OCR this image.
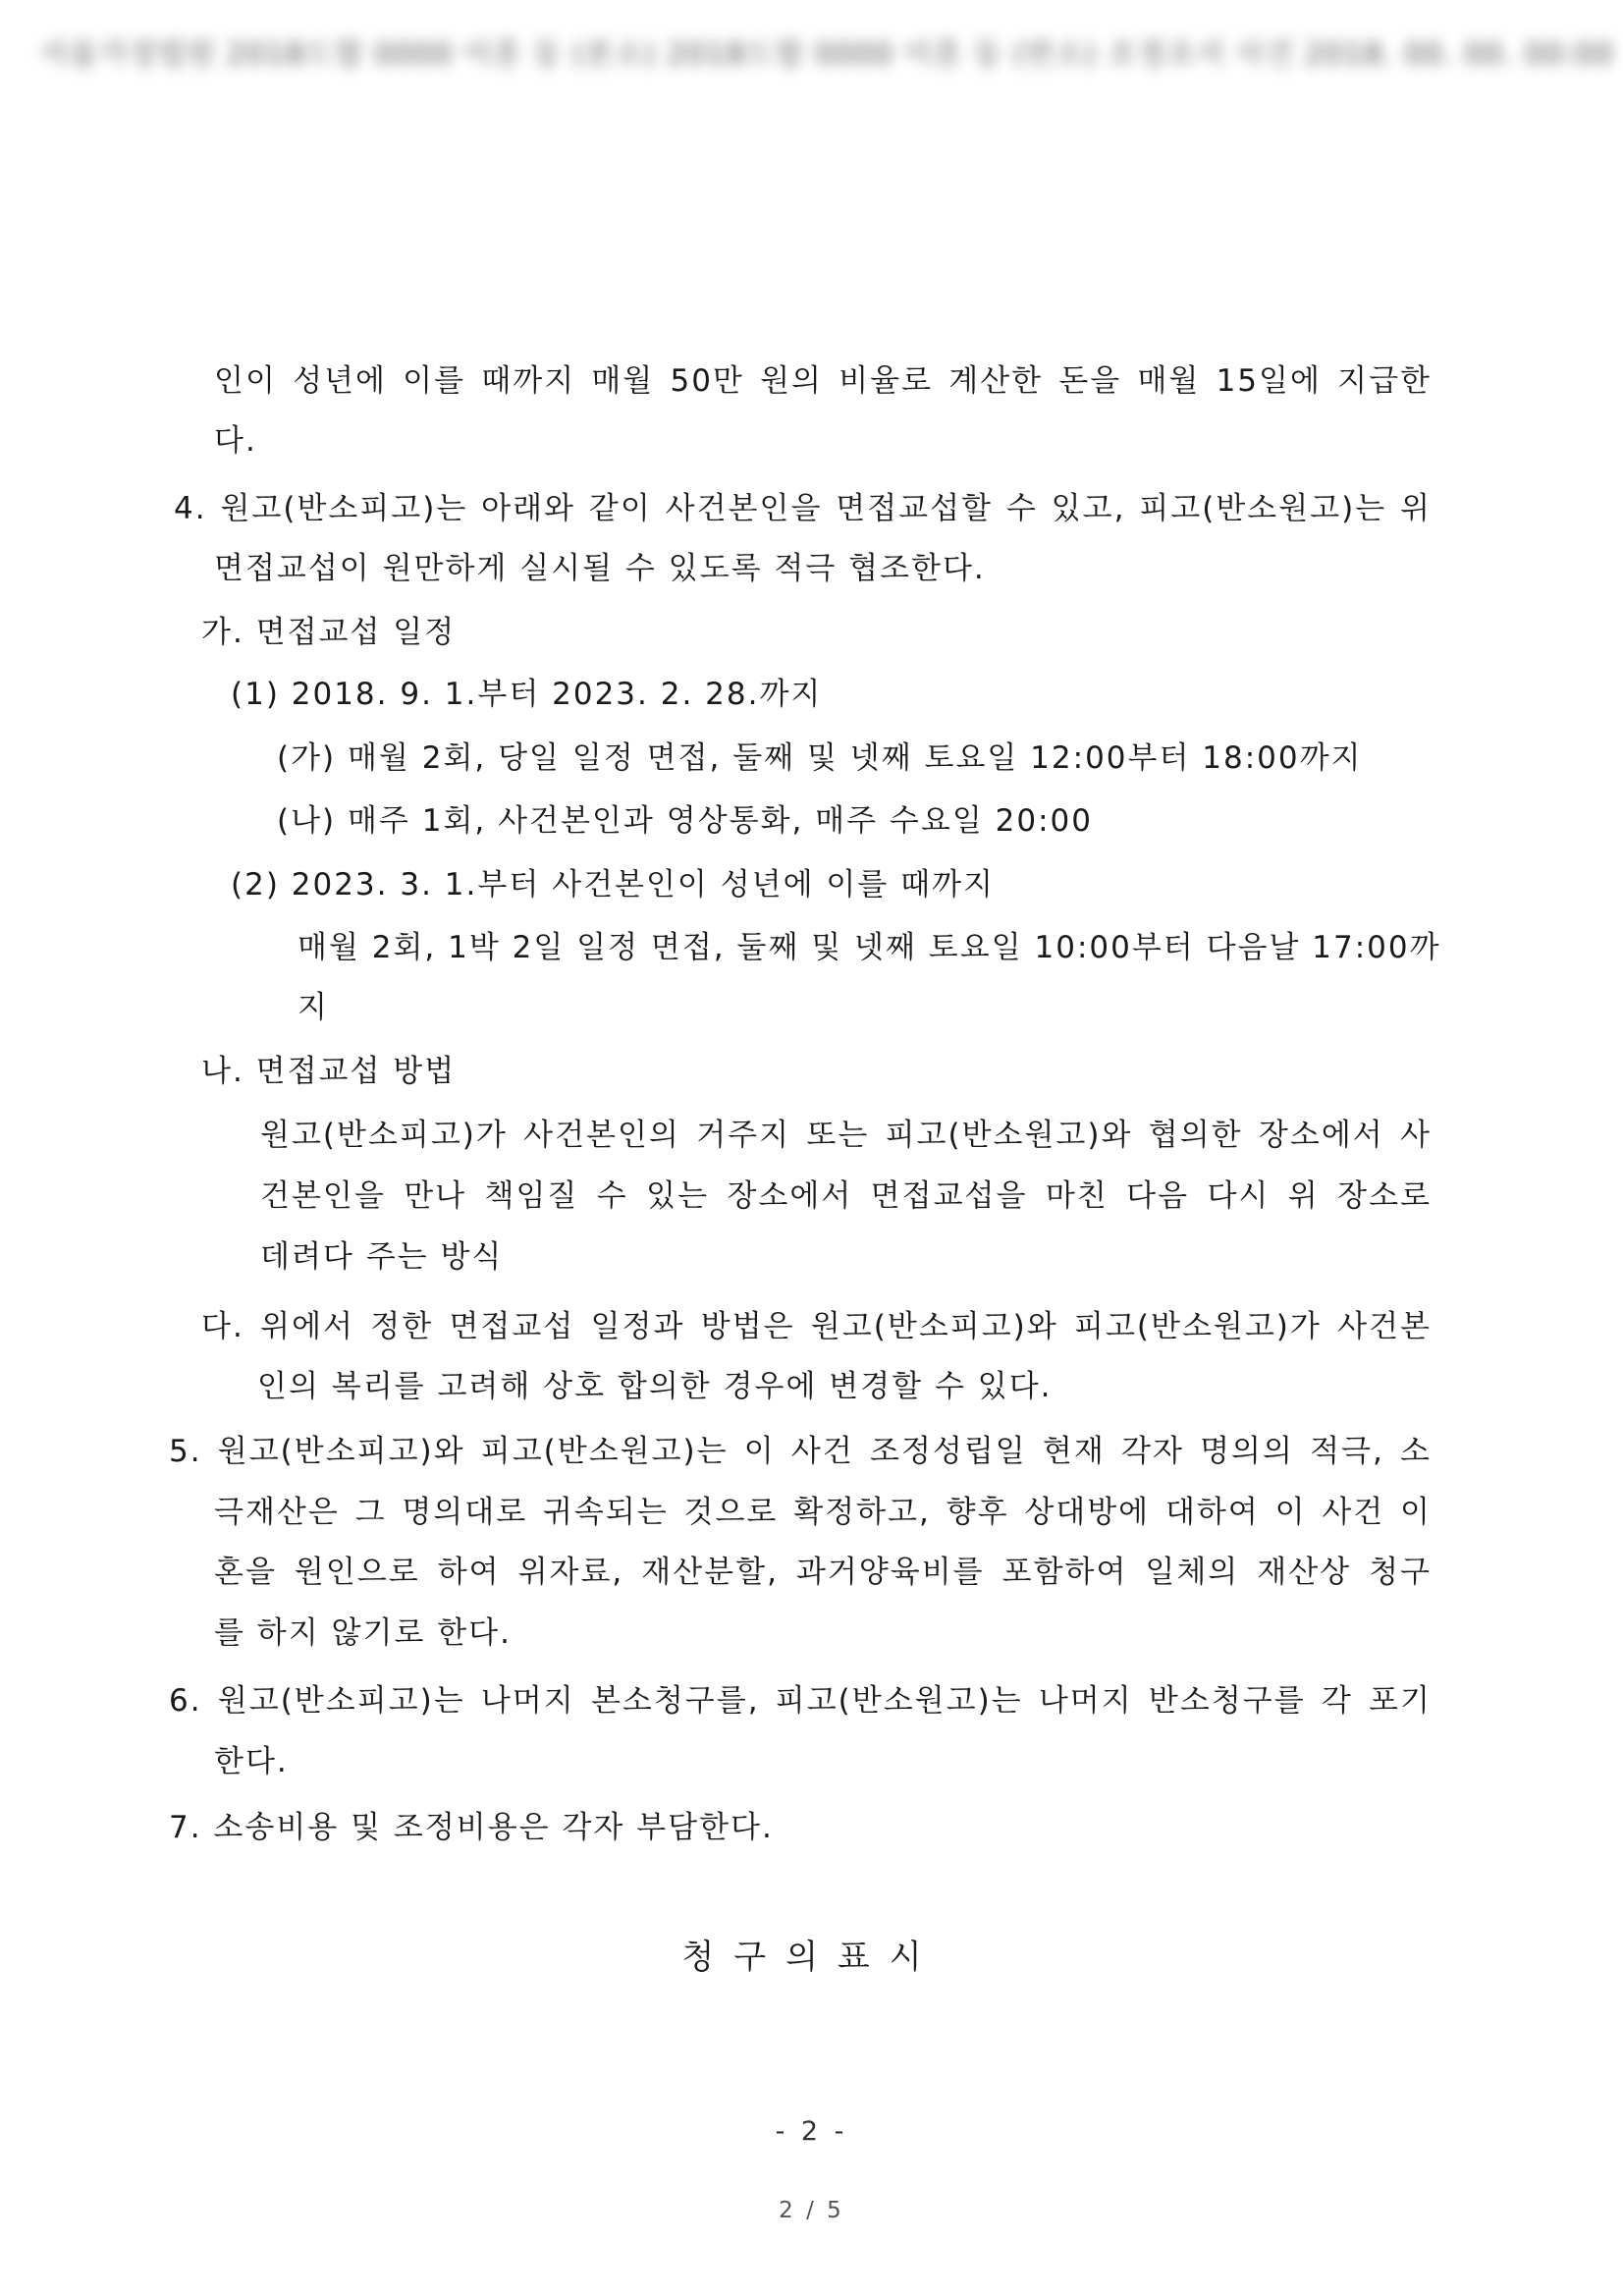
서울가정법원 2018드합 0000 이혼 등 (본소) 2018드합 0000 이혼 등 (반소) 조정조서 사건 2018. 00. 00. 00:00
인이 성년에 이를 때까지 매월 50만 원의 비율로 계산한 돈을 매월 15일에 지급한
다.
4. 원고(반소피고)는 아래와 같이 사건본인을 면접교섭할 수 있고, 피고(반소원고)는 위
면접교섭이 원만하게 실시될 수 있도록 적극 협조한다.
가. 면접교섭 일정
(1) 2018. 9. 1.부터 2023. 2. 28.까지
(가) 매월 2회, 당일 일정 면접, 둘째 및 넷째 토요일 12:00부터 18:00까지
(나) 매주 1회, 사건본인과 영상통화, 매주 수요일 20:00
(2) 2023. 3. 1.부터 사건본인이 성년에 이를 때까지
매월 2회, 1박 2일 일정 면접, 둘째 및 넷째 토요일 10:00부터 다음날 17:00까
지
나. 면접교섭 방법
원고(반소피고)가 사건본인의 거주지 또는 피고(반소원고)와 협의한 장소에서 사
건본인을 만나 책임질 수 있는 장소에서 면접교섭을 마친 다음 다시 위 장소로
데려다 주는 방식
다. 위에서 정한 면접교섭 일정과 방법은 원고(반소피고)와 피고(반소원고)가 사건본
인의 복리를 고려해 상호 합의한 경우에 변경할 수 있다.
5. 원고(반소피고)와 피고(반소원고)는 이 사건 조정성립일 현재 각자 명의의 적극, 소
극재산은 그 명의대로 귀속되는 것으로 확정하고, 향후 상대방에 대하여 이 사건 이
혼을 원인으로 하여 위자료, 재산분할, 과거양육비를 포함하여 일체의 재산상 청구
를 하지 않기로 한다.
6. 원고(반소피고)는 나머지 본소청구를, 피고(반소원고)는 나머지 반소청구를 각 포기
한다.
7. 소송비용 및 조정비용은 각자 부담한다.
청구의표시
- 2 -
2 / 5
